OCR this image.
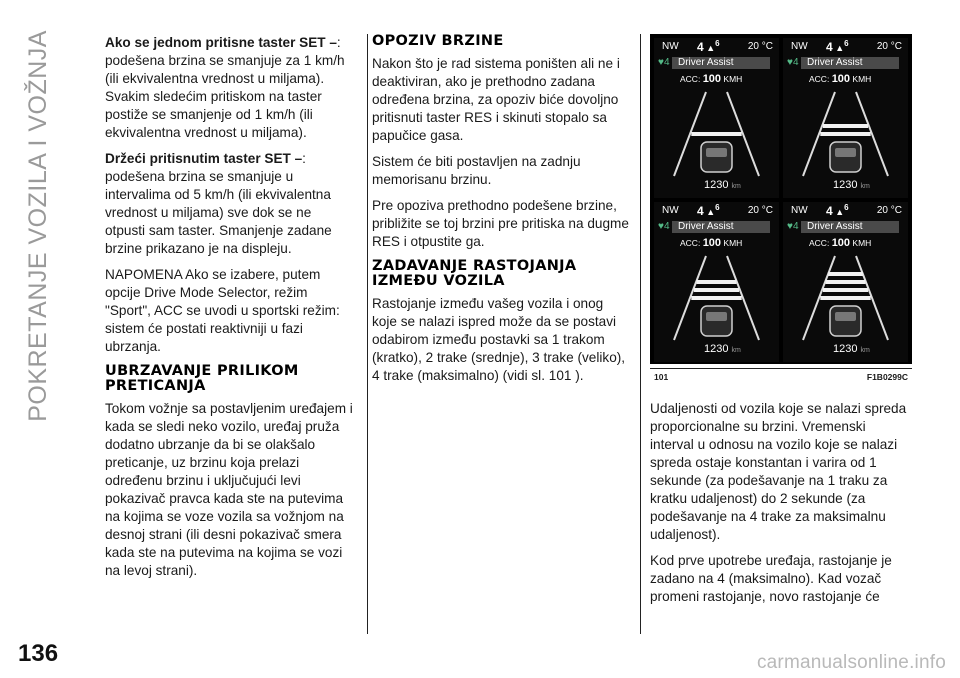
POKRETANJE VOZILA I VOŽNJA	Ako se jednom pritisne taster SET –: podešena brzina se smanjuje za 1 km/h (ili ekvivalentna vrednost u miljama). Svakim sledećim pritiskom na taster postiže se smanjenje od 1 km/h (ili ekvivalentna vrednost u miljama).

Držeći pritisnutim taster SET –: podešena brzina se smanjuje u intervalima od 5 km/h (ili ekvivalentna vrednost u miljama) sve dok se ne otpusti sam taster. Smanjenje zadane brzine prikazano je na displeju.

NAPOMENA Ako se izabere, putem opcije Drive Mode Selector, režim "Sport", ACC se uvodi u sportski režim: sistem će postati reaktivniji u fazi ubrzanja.

UBRZAVANJE PRILIKOM PRETICANJA

Tokom vožnje sa postavljenim uređajem i kada se sledi neko vozilo, uređaj pruža dodatno ubrzanje da bi se olakšalo preticanje, uz brzinu koja prelazi određenu brzinu i uključujući levi pokazivač pravca kada ste na putevima na kojima se voze vozila sa vožnjom na desnoj strani (ili desni pokazivač smera kada ste na putevima na kojima se vozi na levoj strani).

OPOZIV BRZINE

Nakon što je rad sistema poništen ali ne i deaktiviran, ako je prethodno zadana određena brzina, za opoziv biće dovoljno pritisnuti taster RES i skinuti stopalo sa papučice gasa.

Sistem će biti postavljen na zadnju memorisanu brzinu.

Pre opoziva prethodno podešene brzine, približite se toj brzini pre pritiska na dugme RES i otpustite ga.

ZADAVANJE RASTOJANJA IZMEĐU VOZILA

Rastojanje između vašeg vozila i onog koje se nalazi ispred može da se postavi odabirom između postavki sa 1 trakom (kratko), 2 trake (srednje), 3 trake (veliko), 4 trake (maksimalno) (vidi sl. 101 ).

NW 4 ▲$^6$	20 °C
♥4 Driver Assist
ACC: 100 KMH
1230 km
NW 4 ▲$^6$	20 °C
♥4 Driver Assist
ACC: 100 KMH
1230 km
NW 4 ▲$^6$	20 °C
♥4 Driver Assist
ACC: 100 KMH
1230 km
NW 4 ▲$^6$	20 °C
♥4 Driver Assist
ACC: 100 KMH
1230 km
101	F1B0299C

Udaljenosti od vozila koje se nalazi spreda proporcionalne su brzini. Vremenski interval u odnosu na vozilo koje se nalazi spreda ostaje konstantan i varira od 1 sekunde (za podešavanje na 1 traku za kratku udaljenost) do 2 sekunde (za podešavanje na 4 trake za maksimalnu udaljenost).

Kod prve upotrebe uređaja, rastojanje je zadano na 4 (maksimalno). Kad vozač promeni rastojanje, novo rastojanje će

136	carmanualsonline.info
